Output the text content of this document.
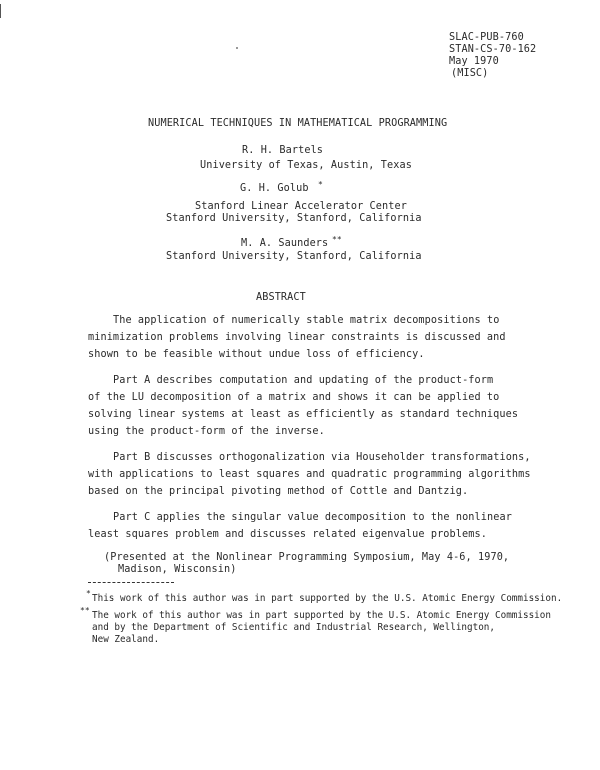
SLAC-PUB-760
STAN-CS-70-162
May 1970
(MISC)
NUMERICAL TECHNIQUES IN MATHEMATICAL PROGRAMMING
R. H. Bartels
University of Texas, Austin, Texas
G. H. Golub *
Stanford Linear Accelerator Center
Stanford University, Stanford, California
M. A. Saunders **
Stanford University, Stanford, California
ABSTRACT
The application of numerically stable matrix decompositions to
minimization problems involving linear constraints is discussed and
shown to be feasible without undue loss of efficiency.
Part A describes computation and updating of the product-form
of the LU decomposition of a matrix and shows it can be applied to
solving linear systems at least as efficiently as standard techniques
using the product-form of the inverse.
Part B discusses orthogonalization via Householder transformations,
with applications to least squares and quadratic programming algorithms
based on the principal pivoting method of Cottle and Dantzig.
Part C applies the singular value decomposition to the nonlinear
least squares problem and discusses related eigenvalue problems.
(Presented at the Nonlinear Programming Symposium, May 4-6, 1970,
Madison, Wisconsin)
* This work of this author was in part supported by the U.S. Atomic Energy Commission.
** The work of this author was in part supported by the U.S. Atomic Energy Commission
and by the Department of Scientific and Industrial Research, Wellington,
New Zealand.
